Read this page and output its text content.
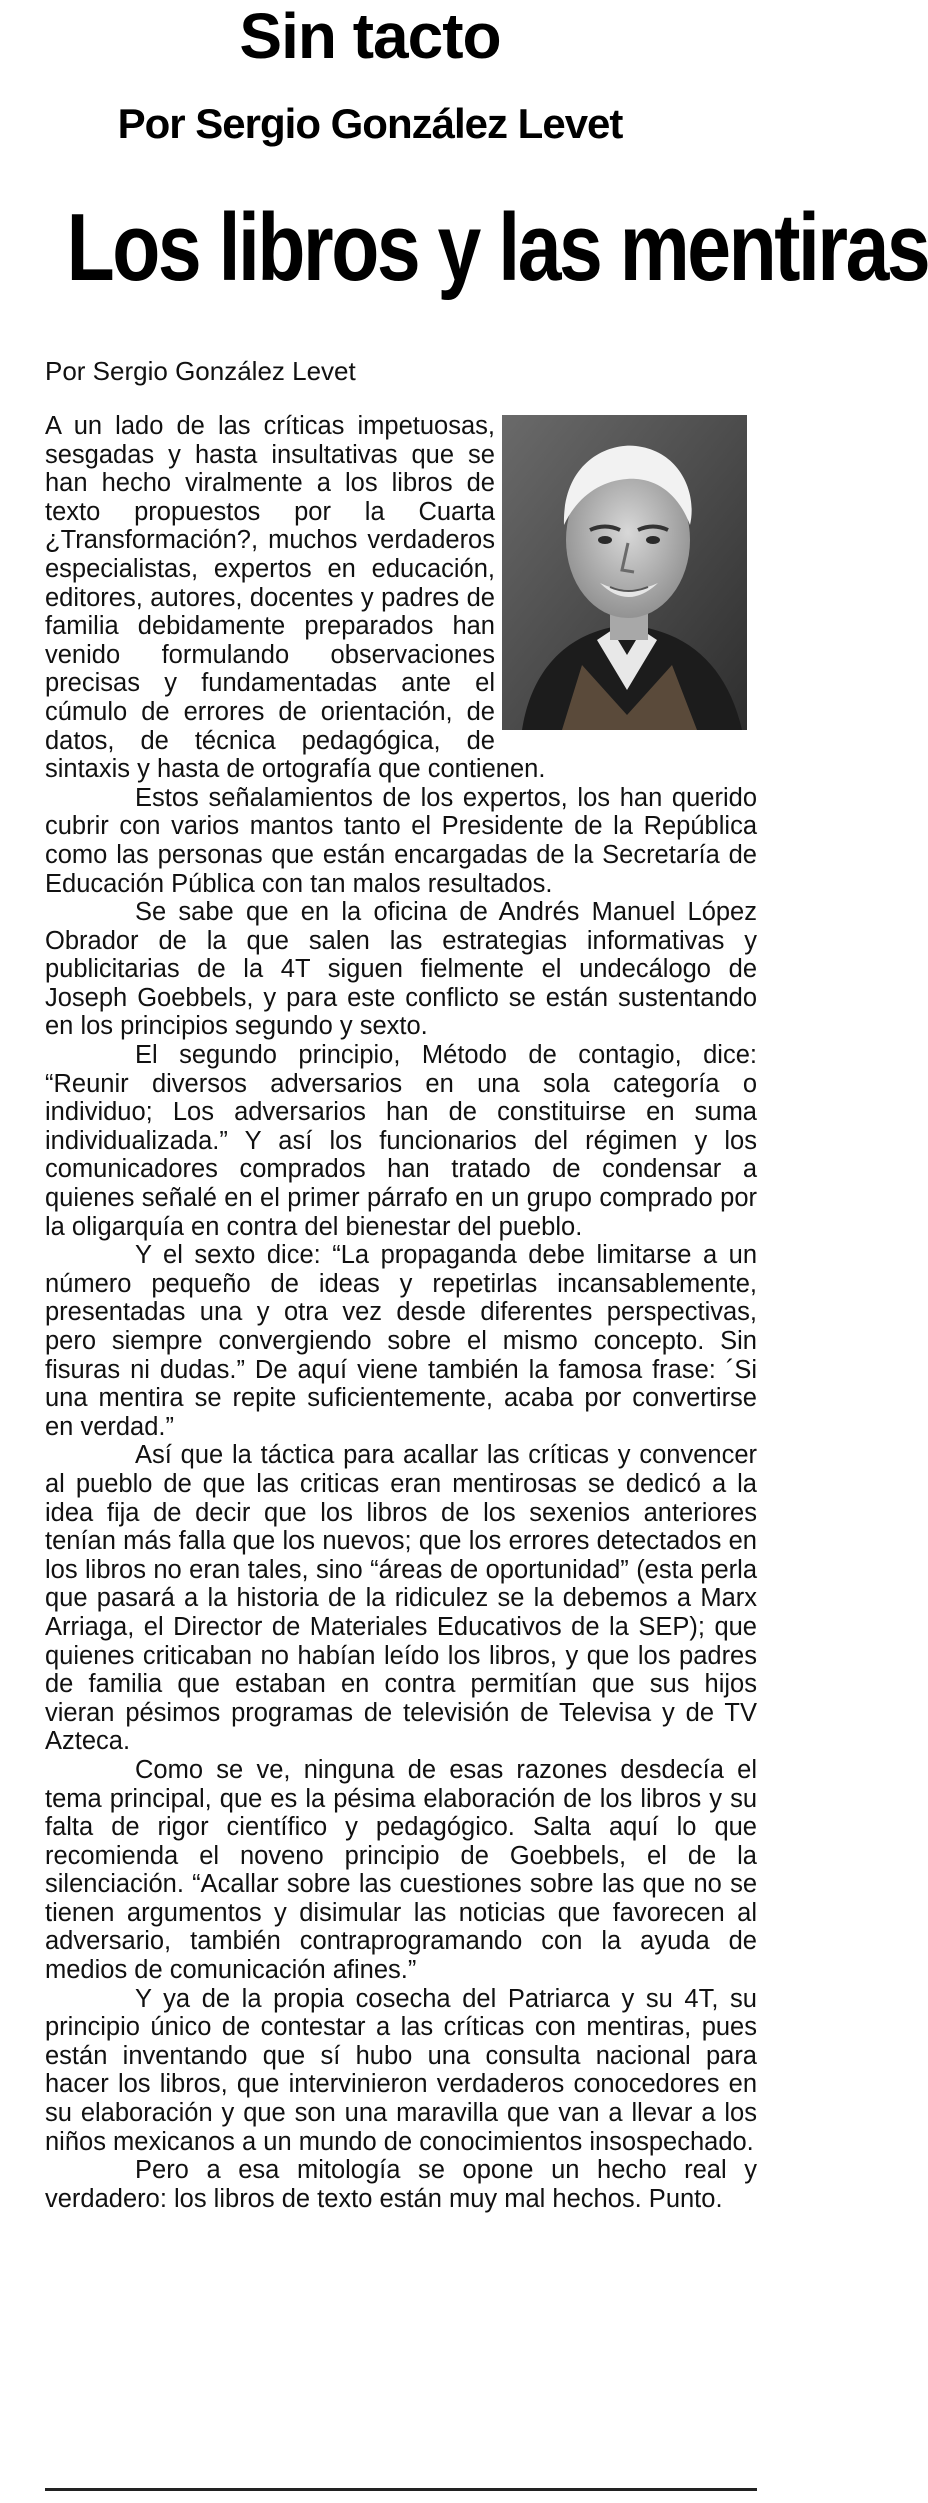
Sin tacto
Por Sergio González Levet
Los libros y las mentiras
Por Sergio González Levet

A un lado de las críticas impetuosas, sesgadas y hasta insultativas que se han hecho viralmente a los libros de texto propuestos por la Cuarta ¿Transformación?, muchos verdaderos especialistas, expertos en educación, editores, autores, docentes y padres de familia debidamente preparados han venido formulando observaciones precisas y fundamentadas ante el cúmulo de errores de orientación, de datos, de técnica pedagógica, de sintaxis y hasta de ortografía que contienen.

Estos señalamientos de los expertos, los han querido cubrir con varios mantos tanto el Presidente de la República como las personas que están encargadas de la Secretaría de Educación Pública con tan malos resultados.

Se sabe que en la oficina de Andrés Manuel López Obrador de la que salen las estrategias informativas y publicitarias de la 4T siguen fielmente el undecálogo de Joseph Goebbels, y para este conflicto se están sustentando en los principios segundo y sexto.

El segundo principio, Método de contagio, dice: “Reunir diversos adversarios en una sola categoría o individuo; Los adversarios han de constituirse en suma individualizada.” Y así los funcionarios del régimen y los comunicadores comprados han tratado de condensar a quienes señalé en el primer párrafo en un grupo comprado por la oligarquía en contra del bienestar del pueblo.

Y el sexto dice: “La propaganda debe limitarse a un número pequeño de ideas y repetirlas incansablemente, presentadas una y otra vez desde diferentes perspectivas, pero siempre convergiendo sobre el mismo concepto. Sin fisuras ni dudas.” De aquí viene también la famosa frase: ´Si una mentira se repite suficientemente, acaba por convertirse en verdad.”

Así que la táctica para acallar las críticas y convencer al pueblo de que las criticas eran mentirosas se dedicó a la idea fija de decir que los libros de los sexenios anteriores tenían más falla que los nuevos; que los errores detectados en los libros no eran tales, sino “áreas de oportunidad” (esta perla que pasará a la historia de la ridiculez se la debemos a Marx Arriaga, el Director de Materiales Educativos de la SEP); que quienes criticaban no habían leído los libros, y que los padres de familia que estaban en contra permitían que sus hijos vieran pésimos programas de televisión de Televisa y de TV Azteca.

Como se ve, ninguna de esas razones desdecía el tema principal, que es la pésima elaboración de los libros y su falta de rigor científico y pedagógico. Salta aquí lo que recomienda el noveno principio de Goebbels, el de la silenciación. “Acallar sobre las cuestiones sobre las que no se tienen argumentos y disimular las noticias que favorecen al adversario, también contraprogramando con la ayuda de medios de comunicación afines.”

Y ya de la propia cosecha del Patriarca y su 4T, su principio único de contestar a las críticas con mentiras, pues están inventando que sí hubo una consulta nacional para hacer los libros, que intervinieron verdaderos conocedores en su elaboración y que son una maravilla que van a llevar a los niños mexicanos a un mundo de conocimientos insospechado.

Pero a esa mitología se opone un hecho real y verdadero: los libros de texto están muy mal hechos. Punto.
